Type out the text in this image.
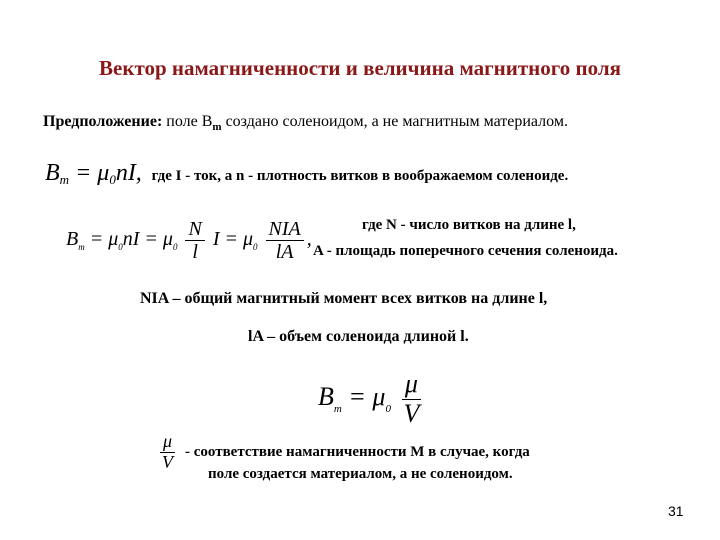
Вектор намагниченности и величина магнитного поля
Предположение: поле $B_m$ создано соленоидом, а не магнитным материалом.
Bm = μ0nI, где I - ток, а n - плотность витков в воображаемом соленоиде.
$B_m = \mu_0nI = \mu_0 \frac{N}{l}$ $I = \mu_0 \frac{\text{NIA}}{lA}$ ,
где N - число витков на длине l,
A - площадь поперечного сечения соленоида.
NIA – общий магнитный момент всех витков на длине l,
lA – объем соленоида длиной l.
$B_m = \mu_0 \frac{\mu}{V}$
$\frac{\mu}{V}$ - соответствие намагниченности M в случае, когда
поле создается материалом, а не соленоидом.
31
